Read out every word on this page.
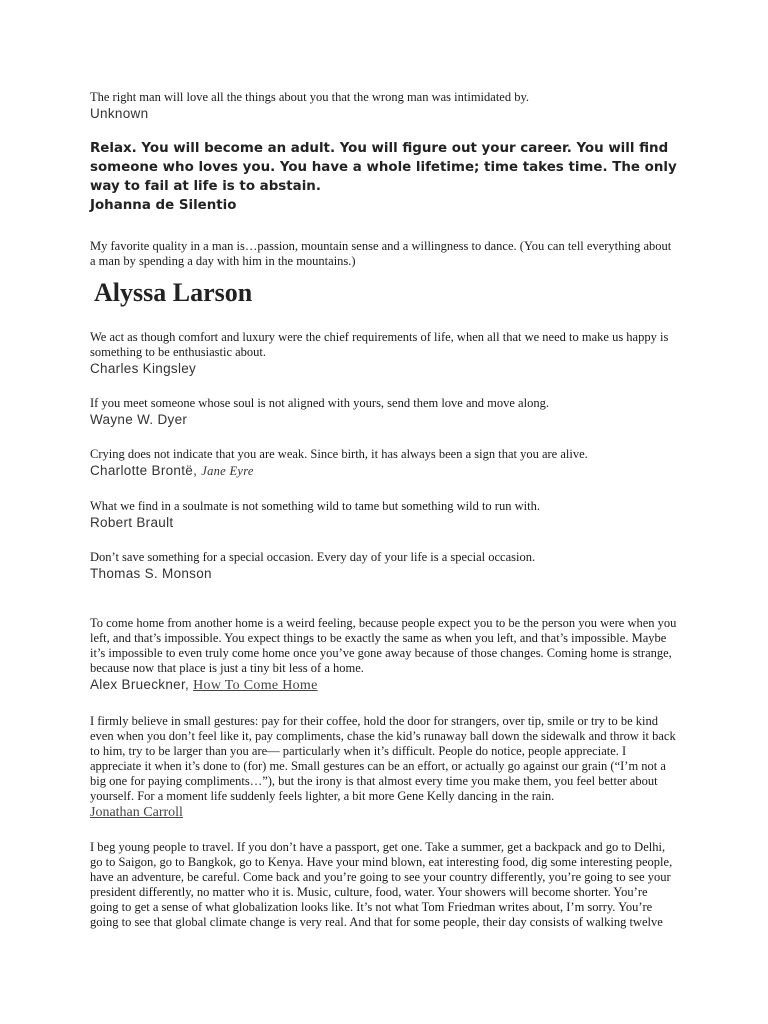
The right man will love all the things about you that the wrong man was intimidated by.

Unknown

Relax. You will become an adult. You will figure out your career. You will find someone who loves you. You have a whole lifetime; time takes time. The only way to fail at life is to abstain.

Johanna de Silentio

My favorite quality in a man is…passion, mountain sense and a willingness to dance. (You can tell everything about a man by spending a day with him in the mountains.)

Alyssa Larson

We act as though comfort and luxury were the chief requirements of life, when all that we need to make us happy is something to be enthusiastic about.

Charles Kingsley

If you meet someone whose soul is not aligned with yours, send them love and move along.

Wayne W. Dyer

Crying does not indicate that you are weak. Since birth, it has always been a sign that you are alive.

Charlotte Brontë, Jane Eyre

What we find in a soulmate is not something wild to tame but something wild to run with.

Robert Brault

Don’t save something for a special occasion. Every day of your life is a special occasion.

Thomas S. Monson

To come home from another home is a weird feeling, because people expect you to be the person you were when you left, and that’s impossible. You expect things to be exactly the same as when you left, and that’s impossible. Maybe it’s impossible to even truly come home once you’ve gone away because of those changes. Coming home is strange, because now that place is just a tiny bit less of a home.

Alex Brueckner, How To Come Home

I firmly believe in small gestures: pay for their coffee, hold the door for strangers, over tip, smile or try to be kind even when you don’t feel like it, pay compliments, chase the kid’s runaway ball down the sidewalk and throw it back to him, try to be larger than you are— particularly when it’s difficult. People do notice, people appreciate. I appreciate it when it’s done to (for) me. Small gestures can be an effort, or actually go against our grain (“I’m not a big one for paying compliments…”), but the irony is that almost every time you make them, you feel better about yourself. For a moment life suddenly feels lighter, a bit more Gene Kelly dancing in the rain.

Jonathan Carroll

I beg young people to travel. If you don’t have a passport, get one. Take a summer, get a backpack and go to Delhi, go to Saigon, go to Bangkok, go to Kenya. Have your mind blown, eat interesting food, dig some interesting people, have an adventure, be careful. Come back and you’re going to see your country differently, you’re going to see your president differently, no matter who it is. Music, culture, food, water. Your showers will become shorter. You’re going to get a sense of what globalization looks like. It’s not what Tom Friedman writes about, I’m sorry. You’re going to see that global climate change is very real. And that for some people, their day consists of walking twelve
